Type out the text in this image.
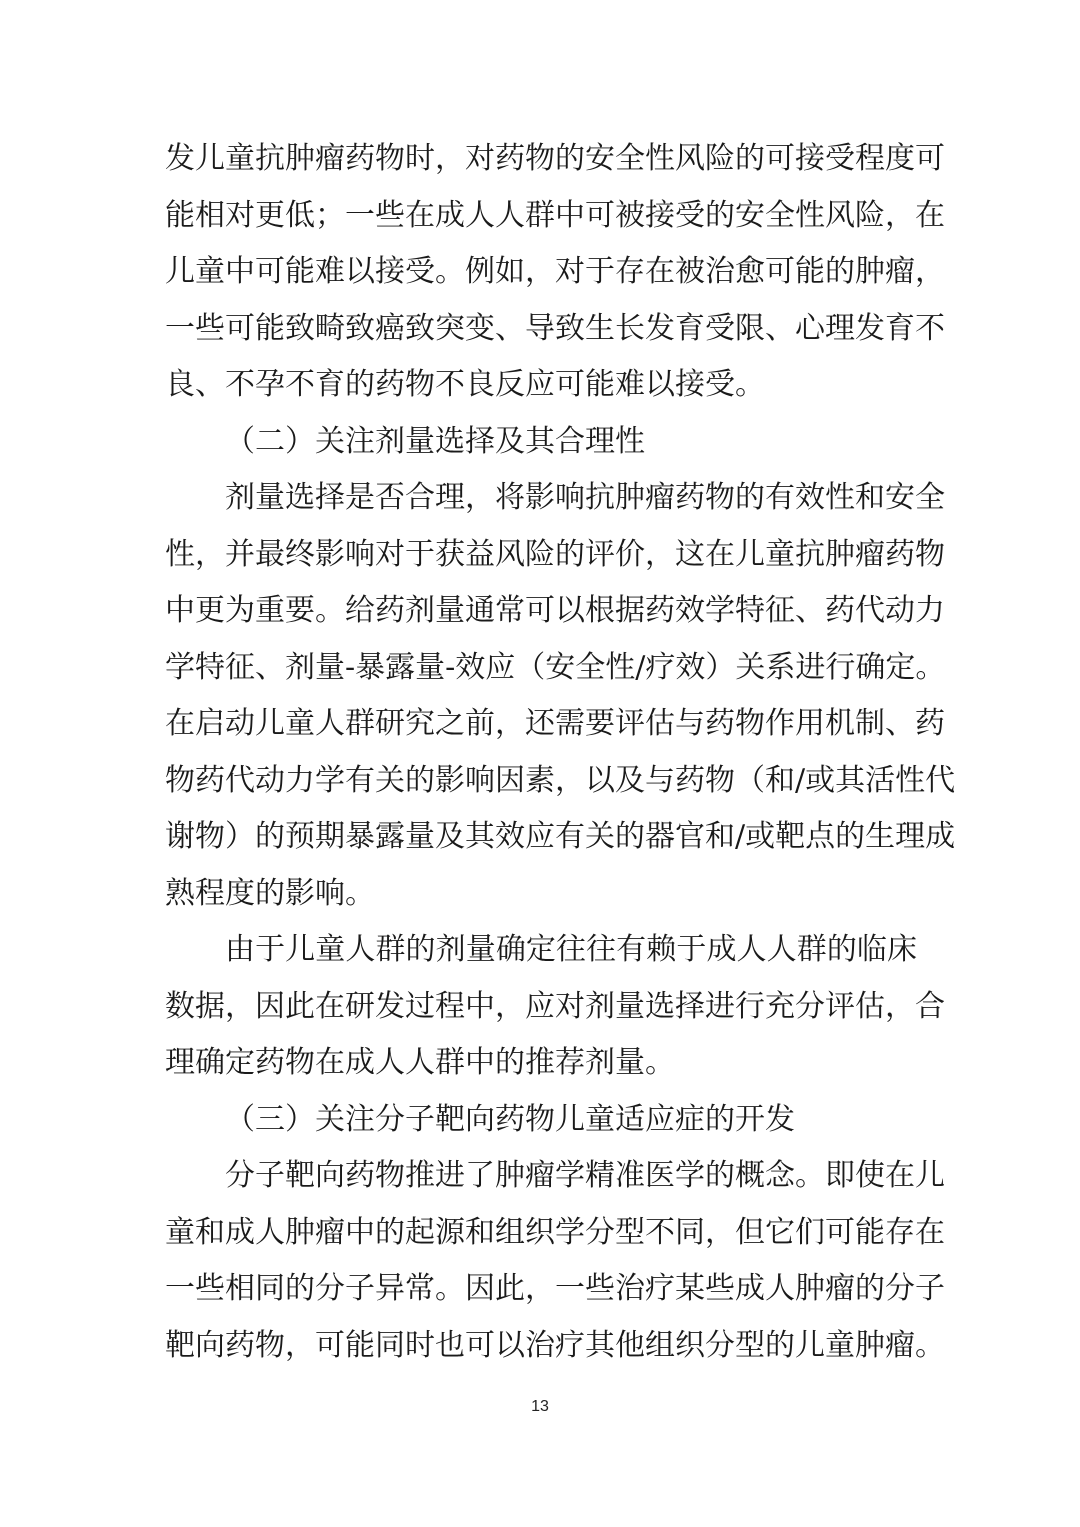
发儿童抗肿瘤药物时，对药物的安全性风险的可接受程度可
能相对更低；一些在成人人群中可被接受的安全性风险，在
儿童中可能难以接受。例如，对于存在被治愈可能的肿瘤，
一些可能致畸致癌致突变、导致生长发育受限、心理发育不
良、不孕不育的药物不良反应可能难以接受。
（二）关注剂量选择及其合理性
剂量选择是否合理，将影响抗肿瘤药物的有效性和安全
性，并最终影响对于获益风险的评价，这在儿童抗肿瘤药物
中更为重要。给药剂量通常可以根据药效学特征、药代动力
学特征、剂量-暴露量-效应（安全性/疗效）关系进行确定。
在启动儿童人群研究之前，还需要评估与药物作用机制、药
物药代动力学有关的影响因素，以及与药物（和/或其活性代
谢物）的预期暴露量及其效应有关的器官和/或靶点的生理成
熟程度的影响。
由于儿童人群的剂量确定往往有赖于成人人群的临床
数据，因此在研发过程中，应对剂量选择进行充分评估，合
理确定药物在成人人群中的推荐剂量。
（三）关注分子靶向药物儿童适应症的开发
分子靶向药物推进了肿瘤学精准医学的概念。即使在儿
童和成人肿瘤中的起源和组织学分型不同，但它们可能存在
一些相同的分子异常。因此，一些治疗某些成人肿瘤的分子
靶向药物，可能同时也可以治疗其他组织分型的儿童肿瘤。
13
